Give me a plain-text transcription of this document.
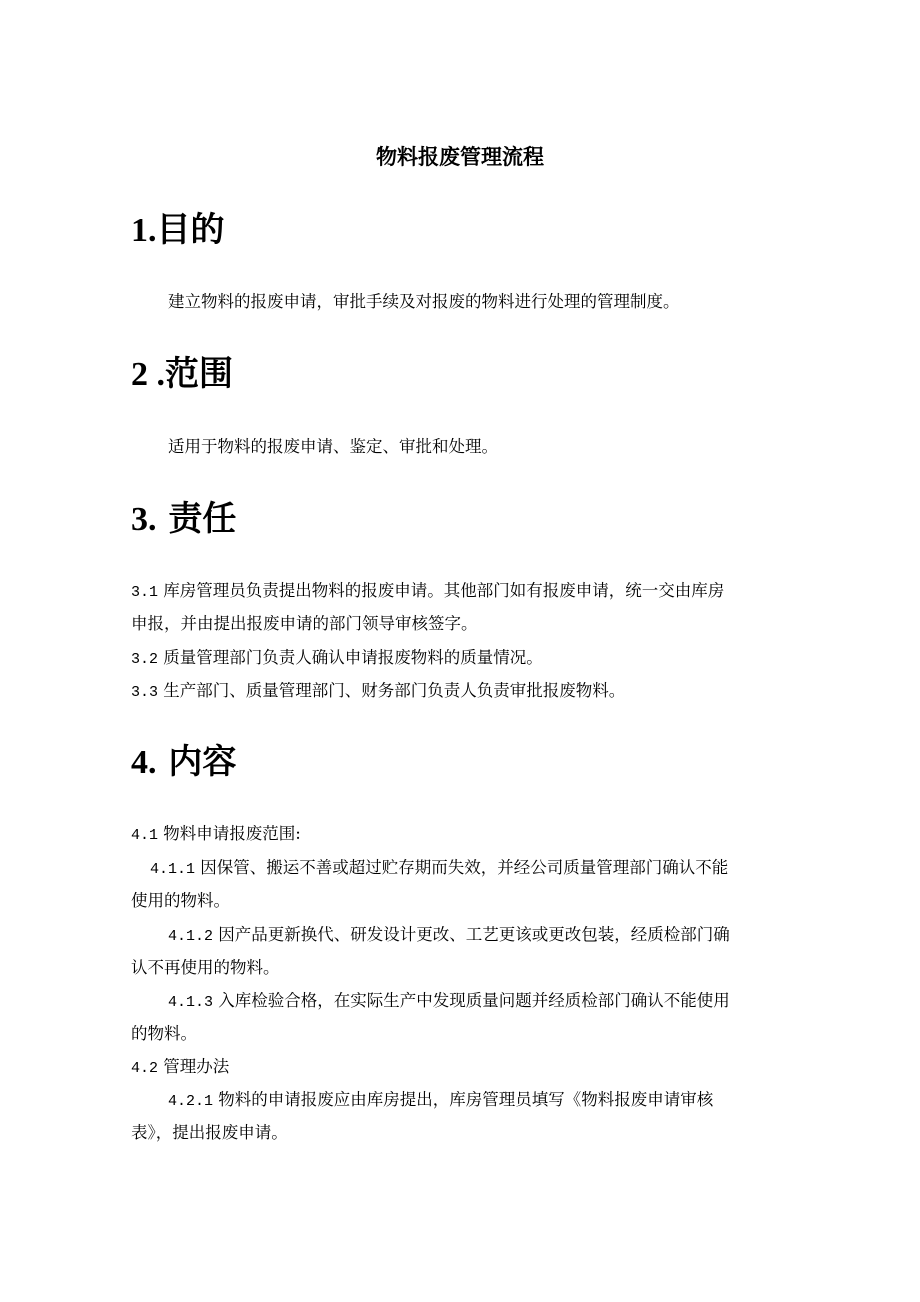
物料报废管理流程
1.目的
建立物料的报废申请，审批手续及对报废的物料进行处理的管理制度。
2 .范围
适用于物料的报废申请、鉴定、审批和处理。
3. 责任
3.1 库房管理员负责提出物料的报废申请。其他部门如有报废申请，统一交由库房
申报，并由提出报废申请的部门领导审核签字。
3.2 质量管理部门负责人确认申请报废物料的质量情况。
3.3 生产部门、质量管理部门、财务部门负责人负责审批报废物料。
4. 内容
4.1 物料申请报废范围:
4.1.1 因保管、搬运不善或超过贮存期而失效，并经公司质量管理部门确认不能
使用的物料。
4.1.2 因产品更新换代、研发设计更改、工艺更该或更改包装，经质检部门确
认不再使用的物料。
4.1.3 入库检验合格，在实际生产中发现质量问题并经质检部门确认不能使用
的物料。
4.2 管理办法
4.2.1 物料的申请报废应由库房提出，库房管理员填写《物料报废申请审核
表》，提出报废申请。
